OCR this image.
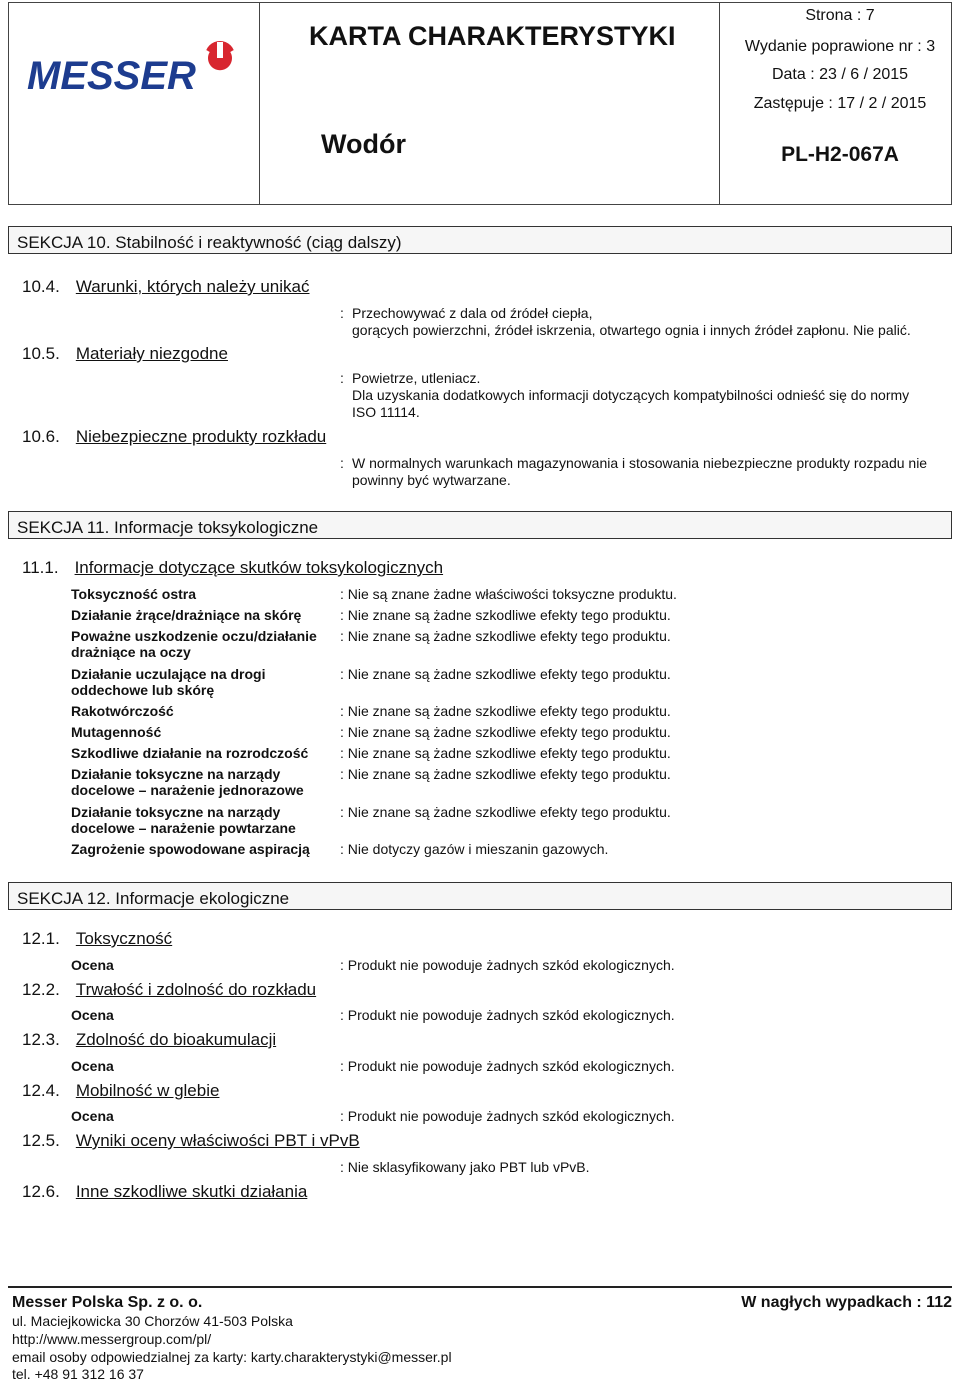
MESSER
KARTA CHARAKTERYSTYKI
Wodór
Strona : 7
Wydanie poprawione nr : 3
Data : 23 / 6 / 2015
Zastępuje : 17 / 2 / 2015
PL-H2-067A
SEKCJA 10. Stabilność i reaktywność (ciąg dalszy)
10.4. Warunki, których należy unikać
: Przechowywać z dala od źródeł ciepła,
gorących powierzchni, źródeł iskrzenia, otwartego ognia i innych źródeł zapłonu. Nie palić.
10.5. Materiały niezgodne
: Powietrze, utleniacz.
Dla uzyskania dodatkowych informacji dotyczących kompatybilności odnieść się do normy
ISO 11114.
10.6. Niebezpieczne produkty rozkładu
: W normalnych warunkach magazynowania i stosowania niebezpieczne produkty rozpadu nie
powinny być wytwarzane.
SEKCJA 11. Informacje toksykologiczne
11.1. Informacje dotyczące skutków toksykologicznych
Toksyczność ostra	: Nie są znane żadne właściwości toksyczne produktu.
Działanie żrące/drażniące na skórę	: Nie znane są żadne szkodliwe efekty tego produktu.
Poważne uszkodzenie oczu/działanie
drażniące na oczy
: Nie znane są żadne szkodliwe efekty tego produktu.
Działanie uczulające na drogi
oddechowe lub skórę
: Nie znane są żadne szkodliwe efekty tego produktu.
Rakotwórczość	: Nie znane są żadne szkodliwe efekty tego produktu.
Mutagenność	: Nie znane są żadne szkodliwe efekty tego produktu.
Szkodliwe działanie na rozrodczość	: Nie znane są żadne szkodliwe efekty tego produktu.
Działanie toksyczne na narządy
docelowe – narażenie jednorazowe
: Nie znane są żadne szkodliwe efekty tego produktu.
Działanie toksyczne na narządy
docelowe – narażenie powtarzane
: Nie znane są żadne szkodliwe efekty tego produktu.
Zagrożenie spowodowane aspiracją	: Nie dotyczy gazów i mieszanin gazowych.
SEKCJA 12. Informacje ekologiczne
12.1. Toksyczność
Ocena	: Produkt nie powoduje żadnych szkód ekologicznych.
12.2. Trwałość i zdolność do rozkładu
Ocena	: Produkt nie powoduje żadnych szkód ekologicznych.
12.3. Zdolność do bioakumulacji
Ocena	: Produkt nie powoduje żadnych szkód ekologicznych.
12.4. Mobilność w glebie
Ocena	: Produkt nie powoduje żadnych szkód ekologicznych.
12.5. Wyniki oceny właściwości PBT i vPvB
: Nie sklasyfikowany jako PBT lub vPvB.
12.6. Inne szkodliwe skutki działania
Messer Polska Sp. z o. o.	W nagłych wypadkach : 112
ul. Maciejkowicka 30 Chorzów 41-503 Polska
http://www.messergroup.com/pl/
email osoby odpowiedzialnej za karty: karty.charakterystyki@messer.pl
tel. +48 91 312 16 37
